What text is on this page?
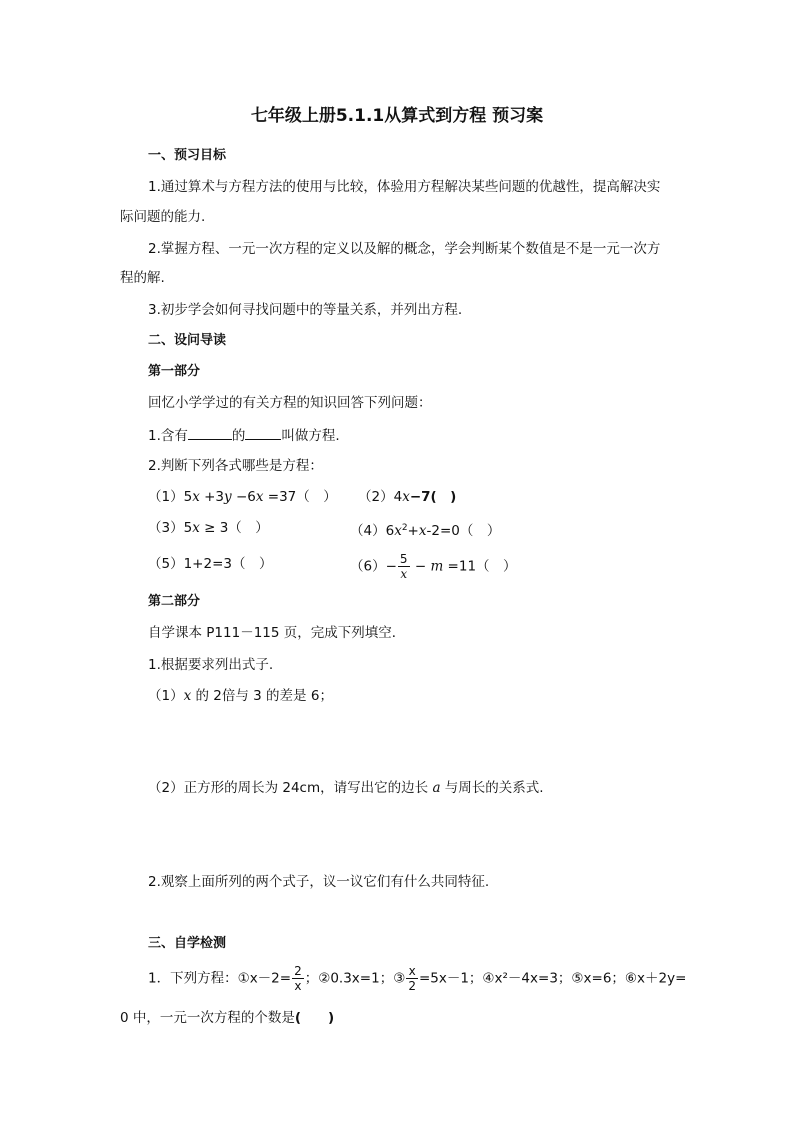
七年级上册5.1.1从算式到方程 预习案
一、预习目标
1.通过算术与方程方法的使用与比较，体验用方程解决某些问题的优越性，提高解决实
际问题的能力.
2.掌握方程、一元一次方程的定义以及解的概念，学会判断某个数值是不是一元一次方
程的解.
3.初步学会如何寻找问题中的等量关系，并列出方程.
二、设问导读
第一部分
回忆小学学过的有关方程的知识回答下列问题：
1.含有	的	叫做方程.
2.判断下列各式哪些是方程：
（1）5x +3y −6x =37（　） （2）4x−7(　)
（3）5x ≥ 3（　）	$(4)6x^2+x-2=0$（　）
（5）1+2=3（　）	$(6)- \frac{5}{x} - m =11$（　）
第二部分
自学课本 P111－115 页，完成下列填空．
1.根据要求列出式子.
（1）x 的 2倍与 3 的差是 6；
（2）正方形的周长为 24cm，请写出它的边长 a 与周长的关系式.
2.观察上面所列的两个式子，议一议它们有什么共同特征.
三、自学检测
1．下列方程：①x－2= $\frac{2}{x}$ ；②0.3x=1；③ $\frac{x}{2} =5x-1$；④x²－4x=3；⑤x=6；⑥x＋2y=
0 中，一元一次方程的个数是(　　)
